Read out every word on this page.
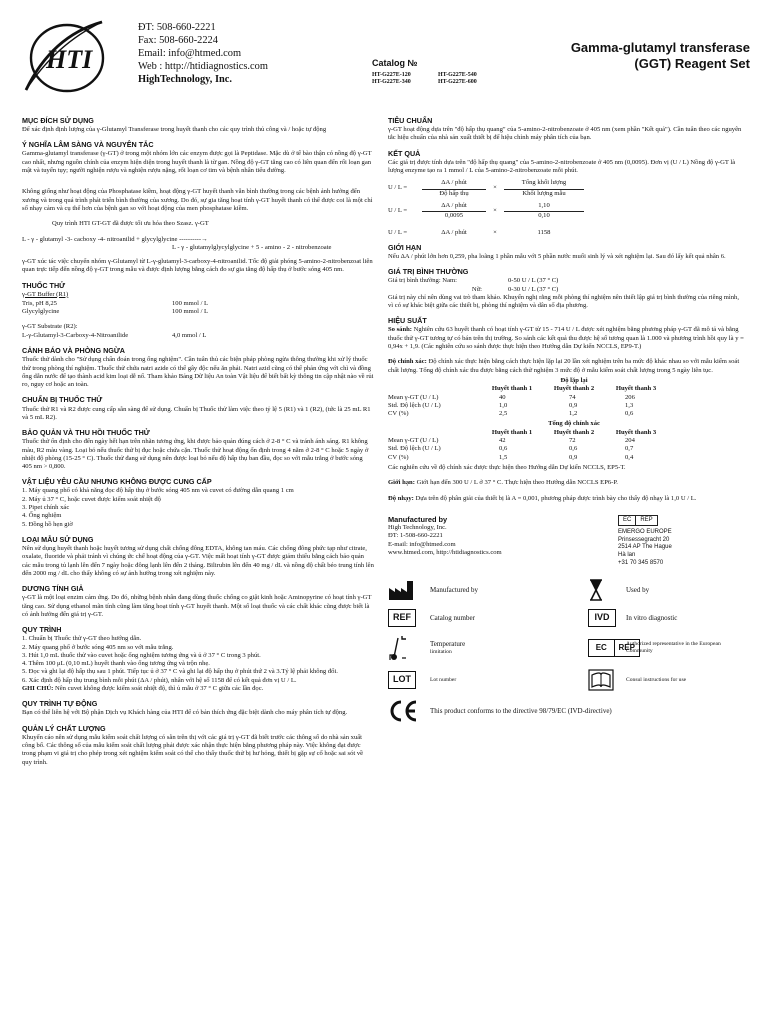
HTI
ĐT: 508-660-2221
Fax: 508-660-2224
Email: info@htmed.com
Web : http://htidiagnostics.com
HighTechnology, Inc.
Catalog №
HT-G227E-120	HT-G227E-540
HT-G227E-340	HT-G227E-600
Gamma-glutamyl transferase
(GGT) Reagent Set
MỤC ĐÍCH SỬ DỤNG

Để xác định định lượng của γ-Glutamyl Transferase trong huyết thanh cho các quy trình thủ công và / hoặc tự động

Ý NGHĨA LÂM SÀNG VÀ NGUYÊN TẮC

Gamma-glutamyl transferase (γ-GT) ở trong một nhóm lớn các enzym được gọi là Peptidase. Mặc dù ở tế bào thận có nồng độ γ-GT cao nhất, nhưng nguồn chính của enzym hiện diện trong huyết thanh là từ gan. Nồng độ γ-GT tăng cao có liên quan đến rối loạn gan mật và tuyến tụy; người nghiện rượu và nghiện rượu nặng, rối loạn cơ tim và bệnh nhân tiểu đường.

Không giống như hoạt động của Phosphatase kiềm, hoạt động γ-GT huyết thanh vẫn bình thường trong các bệnh ảnh hưởng đến xương và trong quá trình phát triển bình thường của xương. Do đó, sự gia tăng hoạt tính γ-GT huyết thanh có thể được coi là một chỉ số nhạy cảm và cụ thể hơn của bệnh gan so với hoạt động của men phosphatase kiềm.

Quy trình HTI GT-GT đã được tối ưu hóa theo Szasz. γ-GT

L - γ - glutamyl -3- cacboxy -4- nitroanilid + glycylglycine ----------→

L - γ - glutamylglycylglycine + 5 - amino - 2 - nitrobenzoate

γ-GT xúc tác việc chuyển nhóm γ-Glutamyl từ L-γ-glutamyl-3-carboxy-4-nitroanilid. Tốc độ giải phóng 5-amino-2-nitrobenzoat liên quan trực tiếp đến nồng độ γ-GT trong mẫu và được định lượng bằng cách đo sự gia tăng độ hấp thụ ở bước sóng 405 nm.

THUỐC THỬ

γ-GT Buffer (R1)

Tris, pH 8,25	100 mmol / L
Glycylglycine	100 mmol / L

γ-GT Substrate (R2):

L-γ-Glutamyl-3-Carboxy-4-Nitroanilide	4,0 mmol / L
CẢNH BÁO VÀ PHÒNG NGỪA

Thuốc thử dành cho "Sử dụng chẩn đoán trong ống nghiệm". Cần tuân thủ các biện pháp phòng ngừa thông thường khi xử lý thuốc thử trong phòng thí nghiệm. Thuốc thử chứa natri azide có thể gây độc nếu ăn phải. Natri azid cũng có thể phản ứng với chì và đồng ống dẫn nước để tạo thành acid kim loại dễ nổ. Tham khảo Bảng Dữ liệu An toàn Vật liệu để biết bất kỳ thông tin cập nhật nào về rủi ro, nguy cơ hoặc an toàn.

CHUẨN BỊ THUỐC THỬ

Thuốc thử R1 và R2 được cung cấp sẵn sàng để sử dụng. Chuẩn bị Thuốc thử làm việc theo tỷ lệ 5 (R1) và 1 (R2), (tức là 25 mL R1 và 5 mL R2).

BẢO QUẢN VÀ THU HỒI THUỐC THỬ

Thuốc thử ổn định cho đến ngày hết hạn trên nhãn tương ứng, khi được bảo quản đúng cách ở 2-8 ° C và tránh ánh sáng. R1 không màu, R2 màu vàng. Loại bỏ nếu thuốc thử bị đục hoặc chứa cặn. Thuốc thử hoạt động ổn định trong 4 năm ở 2-8 ° C hoặc 5 ngày ở nhiệt độ phòng (15-25 ° C). Thuốc thử đang sử dụng nên được loại bỏ nếu độ hấp thụ ban đầu, đọc so với mẫu trắng ở bước sóng 405 nm > 0,800.

VẬT LIỆU YÊU CẦU NHƯNG KHÔNG ĐƯỢC CUNG CẤP
1. Máy quang phổ có khả năng đọc độ hấp thụ ở bước sóng 405 nm và cuvet có đường dẫn quang 1 cm
2. Máy ủ 37 ° C, hoặc cuvet được kiểm soát nhiệt độ
3. Pipet chính xác
4. Ống nghiệm
5. Đồng hồ hẹn giờ
LOẠI MẪU SỬ DỤNG

Nên sử dụng huyết thanh hoặc huyết tương sử dụng chất chống đông EDTA, không tan máu. Các chống đông phức tạp như citrate, oxalate, fluoride và phải tránh vì chúng ức chế hoạt động của γ-GT. Việc mất hoạt tính γ-GT được giảm thiểu bằng cách bảo quản các mẫu trong tủ lạnh lên đến 7 ngày hoặc đông lạnh lên đến 2 tháng. Bilirubin lên đến 40 mg / dL và nồng độ chất béo trung tính lên đến 2000 mg / dL cho thấy không có sự ảnh hưởng trong xét nghiệm này.

DƯƠNG TÍNH GIẢ

γ-GT là một loại enzim cảm ứng. Do đó, những bệnh nhân đang dùng thuốc chống co giật kinh hoặc Aminopyrine có hoạt tính γ-GT tăng cao. Sử dụng ethanol mãn tính cũng làm tăng hoạt tính γ-GT huyết thanh. Một số loại thuốc và các chất khác cũng được biết là có ảnh hưởng đến giá trị γ-GT.

QUY TRÌNH
1. Chuẩn bị Thuốc thử γ-GT theo hướng dẫn.
2. Máy quang phổ ở bước sóng 405 nm so với mẫu trắng.
3. Hút 1,0 mL thuốc thử vào cuvet hoặc ống nghiệm tương ứng và ủ ở 37 ° C trong 3 phút.
4. Thêm 100 μL (0,10 mL) huyết thanh vào ống tương ứng và trộn nhẹ.
5. Đọc và ghi lại độ hấp thụ sau 1 phút. Tiếp tục ủ ở 37 ° C và ghi lại độ hấp thụ ở phút thứ 2 và 3.Tỷ lệ phải không đổi.
6. Xác định độ hấp thụ trung bình mỗi phút (ΔA / phút), nhân với hệ số 1158 để có kết quả đơn vị U / L.

GHI CHÚ: Nên cuvet không được kiểm soát nhiệt độ, thì ủ mẫu ở 37 ° C giữa các lần đọc.

QUY TRÌNH TỰ ĐỘNG

Bạn có thể liên hệ với Bộ phận Dịch vụ Khách hàng của HTI để có bản thích ứng đặc biệt dành cho máy phân tích tự động.

QUẢN LÝ CHẤT LƯỢNG

Khuyến cáo nên sử dụng mẫu kiểm soát chất lượng có sẵn trên thị với các giá trị γ-GT đã biết trước các thông số do nhà sản xuất công bố. Các thông số của mẫu kiểm soát chất lượng phải được xác nhận thực hiện bằng phương pháp này. Việc không đạt được trong phạm vi giá trị cho phép trong xét nghiệm kiểm soát có thể cho thấy thuốc thử bị hư hỏng, thiết bị gặp sự cố hoặc sai sót về quy trình.

TIÊU CHUẨN

γ-GT hoạt động dựa trên "độ hấp thụ quang" của 5-amino-2-nitrobenzoate ở 405 nm (xem phần "Kết quả"). Cần tuân theo các nguyên tắc hiệu chuẩn của nhà sản xuất thiết bị để hiệu chỉnh máy phân tích của bạn.

KẾT QUẢ

Các giá trị được tính dựa trên "độ hấp thụ quang" của 5-amino-2-nitrobenzoate ở 405 nm (0,0095). Đơn vị (U / L) Nồng độ γ-GT là lượng enzyme tạo ra 1 mmol / L của 5-amino-2-nitrobenzoate mỗi phút.

U / L =	$\frac{\text{ΔA / phút}}{\text{Độ hấp thụ}}$	×	$\frac{\text{Tổng khối lượng}}{\text{Khối lượng mẫu}}$
U / L =	$\frac{\text{ΔA / phút}}{0,0095}$	×	$\frac{1,10}{0,10}$
U / L =	ΔA / phút	×	1158
GIỚI HẠN

Nếu ΔA / phút lớn hơn 0,259, pha loãng 1 phần mẫu với 5 phần nước muối sinh lý và xét nghiệm lại. Sau đó lấy kết quả nhân 6.

GIÁ TRỊ BÌNH THƯỜNG
Giá trị bình thường: Nam:	0-50 U / L (37 ° C)
Nữ:	0-30 U / L (37 ° C)

Giá trị này chỉ nên dùng vai trò tham khảo. Khuyến nghị rằng mỗi phòng thí nghiệm nên thiết lập giá trị bình thường của riêng mình, vì có sự khác biệt giữa các thiết bị, phòng thí nghiệm và dân số địa phương.

HIỆU SUẤT

So sánh: Nghiên cứu 63 huyết thanh có hoạt tính γ-GT từ 15 - 714 U / L được xét nghiệm bằng phương pháp γ-GT đã mô tả và bằng thuốc thử γ-GT tương tự có bán trên thị trường. So sánh các kết quả thu được hệ số tương quan là 1.000 và phương trình hồi quy là y = 0,94x + 1,9. (Các nghiên cứu so sánh được thực hiện theo Hướng dẫn Dự kiến NCCLS, EP9-T.)

Độ chính xác: Độ chính xác thực hiện bằng cách thực hiện lặp lại 20 lần xét nghiệm trên ba mức độ khác nhau so với mẫu kiểm soát chất lượng. Tổng độ chính xác thu được bằng cách thử nghiệm 3 mức độ ở mẫu kiểm soát chất lượng trong 5 ngày liên tục.

		Độ lặp lại	
	Huyết thanh 1	Huyết thanh 2	Huyết thanh 3
Mean γ-GT (U / L)	40	74	206
Std. Độ lệch (U / L)	1,0	0,9	1,3
CV (%)	2,5	1,2	0,6
		Tổng độ chính xác	
	Huyết thanh 1	Huyết thanh 2	Huyết thanh 3
Mean γ-GT (U / L)	42	72	204
Std. Độ lệch (U / L)	0,6	0,6	0,7
CV (%)	1,5	0,9	0,4

Các nghiên cứu về độ chính xác được thực hiện theo Hướng dẫn Dự kiến NCCLS, EP5-T.

Giới hạn: Giới hạn đến 300 U / L ở 37 ° C. Thực hiện theo Hướng dẫn NCCLS EP6-P.

Độ nhạy: Dựa trên độ phân giải của thiết bị là A = 0,001, phương pháp được trình bày cho thấy độ nhạy là 1,0 U / L.

Manufactured by
High Technology, Inc.
ĐT: 1-508-660-2221
E-mail: info@htmed.com
www.htmed.com, http://htidiagnostics.com
EC	REP
EMERGO EUROPE
Prinsessegracht 20
2514 AP The Hague
Hà lan
+31 70 345 8570
Manufactured by	Used by
REF	Catalog number	IVD	In vitro diagnostic
Temperature
limitation
EC	REP
Authorized representative in the European Community
LOT	Lot number	Consul instructions for use
This product conforms to the directive 98/79/EC (IVD-directive)
